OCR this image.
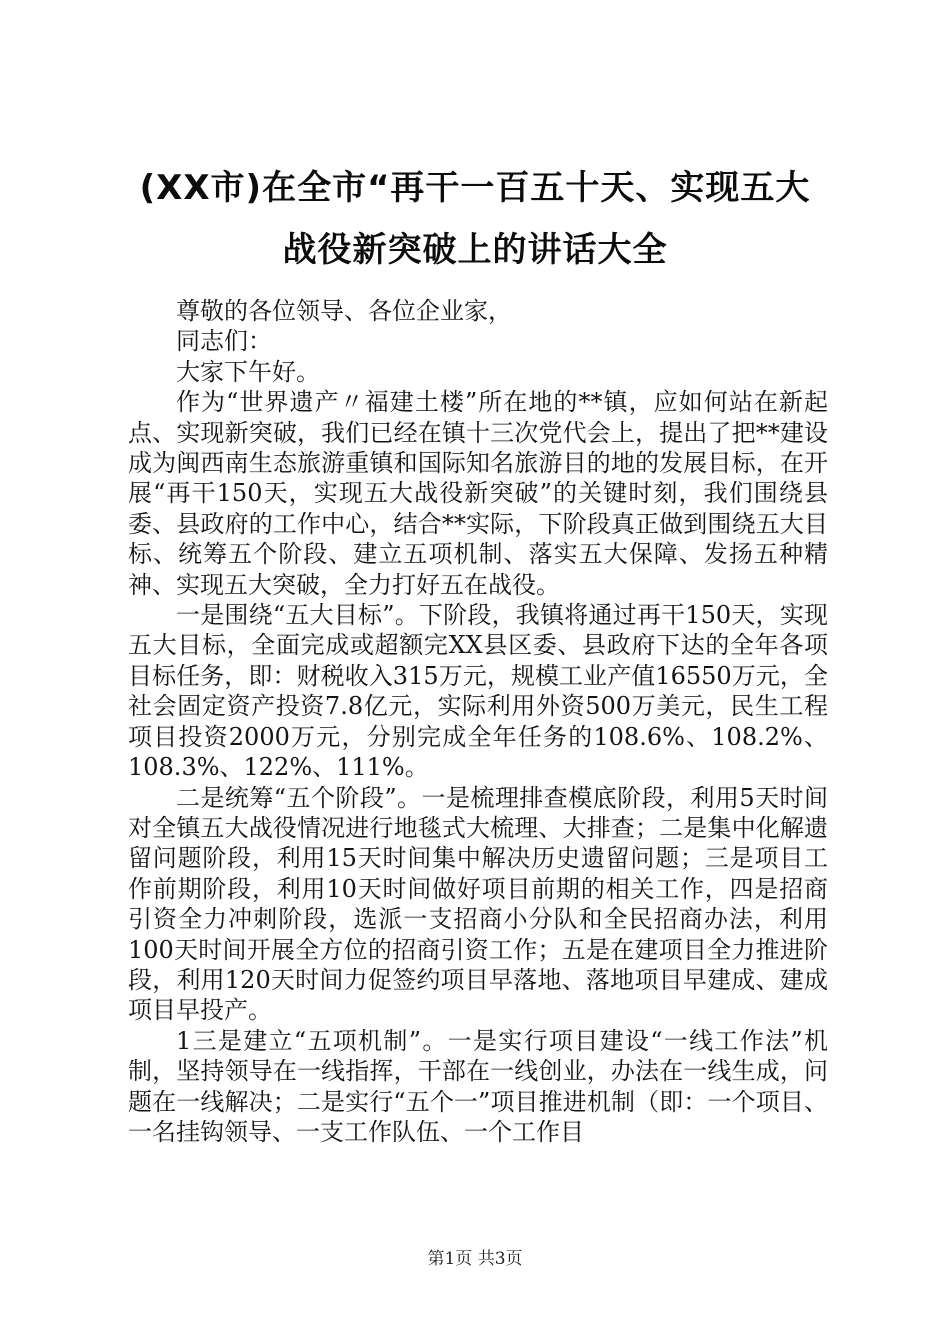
(XX市)在全市“再干一百五十天、实现五大
战役新突破上的讲话大全

尊敬的各位领导、各位企业家，

同志们：

大家下午好。

作为“世界遗产〃福建土楼”所在地的**镇，应如何站在新起点、实现新突破，我们已经在镇十三次党代会上，提出了把**建设成为闽西南生态旅游重镇和国际知名旅游目的地的发展目标，在开展“再干150天，实现五大战役新突破”的关键时刻，我们围绕县委、县政府的工作中心，结合**实际，下阶段真正做到围绕五大目标、统筹五个阶段、建立五项机制、落实五大保障、发扬五种精神、实现五大突破，全力打好五在战役。

一是围绕“五大目标”。下阶段，我镇将通过再干150天，实现五大目标，全面完成或超额完XX县区委、县政府下达的全年各项目标任务，即：财税收入315万元，规模工业产值16550万元，全社会固定资产投资7.8亿元，实际利用外资500万美元，民生工程项目投资2000万元，分别完成全年任务的108.6%、108.2%、108.3%、122%、111%。

二是统筹“五个阶段”。一是梳理排查模底阶段，利用5天时间对全镇五大战役情况进行地毯式大梳理、大排查；二是集中化解遗留问题阶段，利用15天时间集中解决历史遗留问题；三是项目工作前期阶段，利用10天时间做好项目前期的相关工作，四是招商引资全力冲刺阶段，选派一支招商小分队和全民招商办法，利用100天时间开展全方位的招商引资工作；五是在建项目全力推进阶段，利用120天时间力促签约项目早落地、落地项目早建成、建成项目早投产。

1三是建立“五项机制”。一是实行项目建设“一线工作法”机制，坚持领导在一线指挥，干部在一线创业，办法在一线生成，问题在一线解决；二是实行“五个一”项目推进机制（即：一个项目、一名挂钩领导、一支工作队伍、一个工作目

第1页 共3页
